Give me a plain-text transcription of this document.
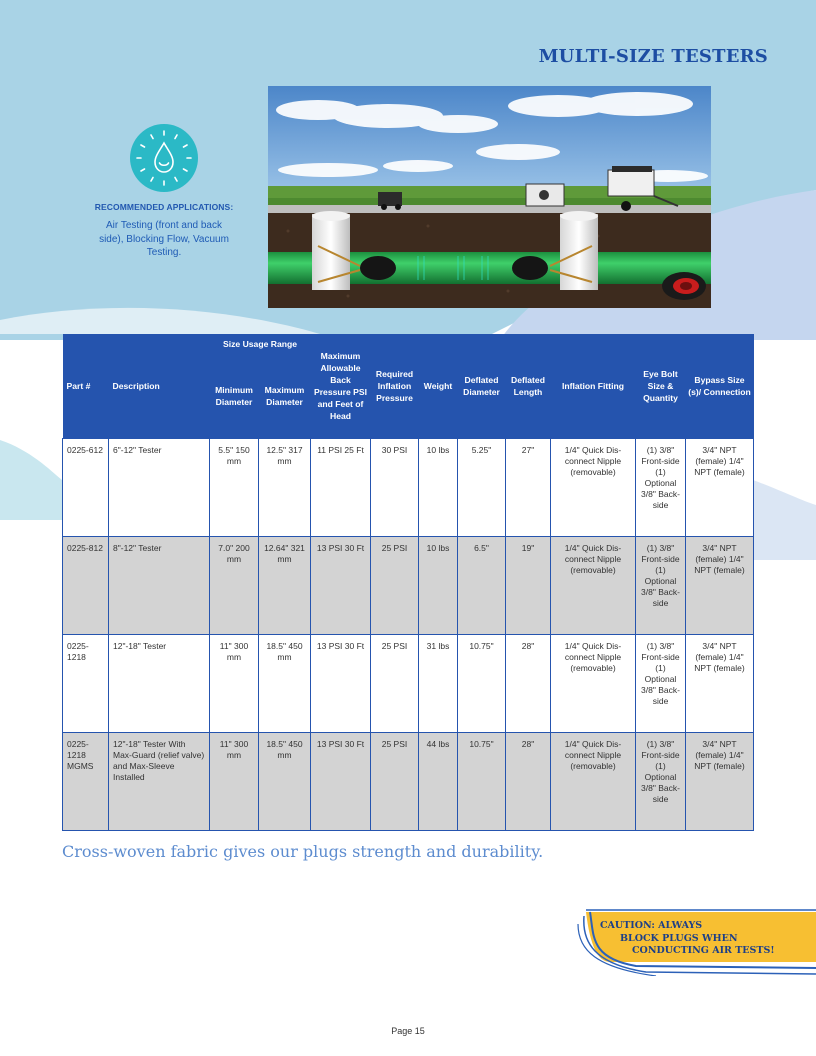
MULTI-SIZE TESTERS
RECOMMENDED APPLICATIONS:
Air Testing (front and back side), Blocking Flow, Vacuum Testing.
Part #	Description	Size Usage Range		Maximum Allowable Back Pressure PSI and Feet of Head	Required Inflation Pressure	Weight	Deflated Diameter	Deflated Length	Inflation Fitting	Eye Bolt Size & Quantity	Bypass Size (s)/ Connection
		Minimum Diameter	Maximum Diameter								
0225-612	6"-12" Tester	5.5" 150 mm	12.5" 317 mm	11 PSI 25 Ft	30 PSI	10 lbs	5.25"	27"	1/4" Quick Dis-connect Nipple (removable)	(1) 3/8" Front-side (1) Optional 3/8" Back-side	3/4" NPT (female) 1/4" NPT (female)
0225-812	8"-12" Tester	7.0" 200 mm	12.64" 321 mm	13 PSI 30 Ft	25 PSI	10 lbs	6.5"	19"	1/4" Quick Dis-connect Nipple (removable)	(1) 3/8" Front-side (1) Optional 3/8" Back-side	3/4" NPT (female) 1/4" NPT (female)
0225-1218	12"-18" Tester	11" 300 mm	18.5" 450 mm	13 PSI 30 Ft	25 PSI	31 lbs	10.75"	28"	1/4" Quick Dis-connect Nipple (removable)	(1) 3/8" Front-side (1) Optional 3/8" Back-side	3/4" NPT (female) 1/4" NPT (female)
0225-1218 MGMS	12"-18" Tester With Max-Guard (relief valve) and Max-Sleeve Installed	11" 300 mm	18.5" 450 mm	13 PSI 30 Ft	25 PSI	44 lbs	10.75"	28"	1/4" Quick Dis-connect Nipple (removable)	(1) 3/8" Front-side (1) Optional 3/8" Back-side	3/4" NPT (female) 1/4" NPT (female)

Cross-woven fabric gives our plugs strength and durability.

CAUTION: ALWAYS
BLOCK PLUGS WHEN
CONDUCTING AIR TESTS!
Page 15
